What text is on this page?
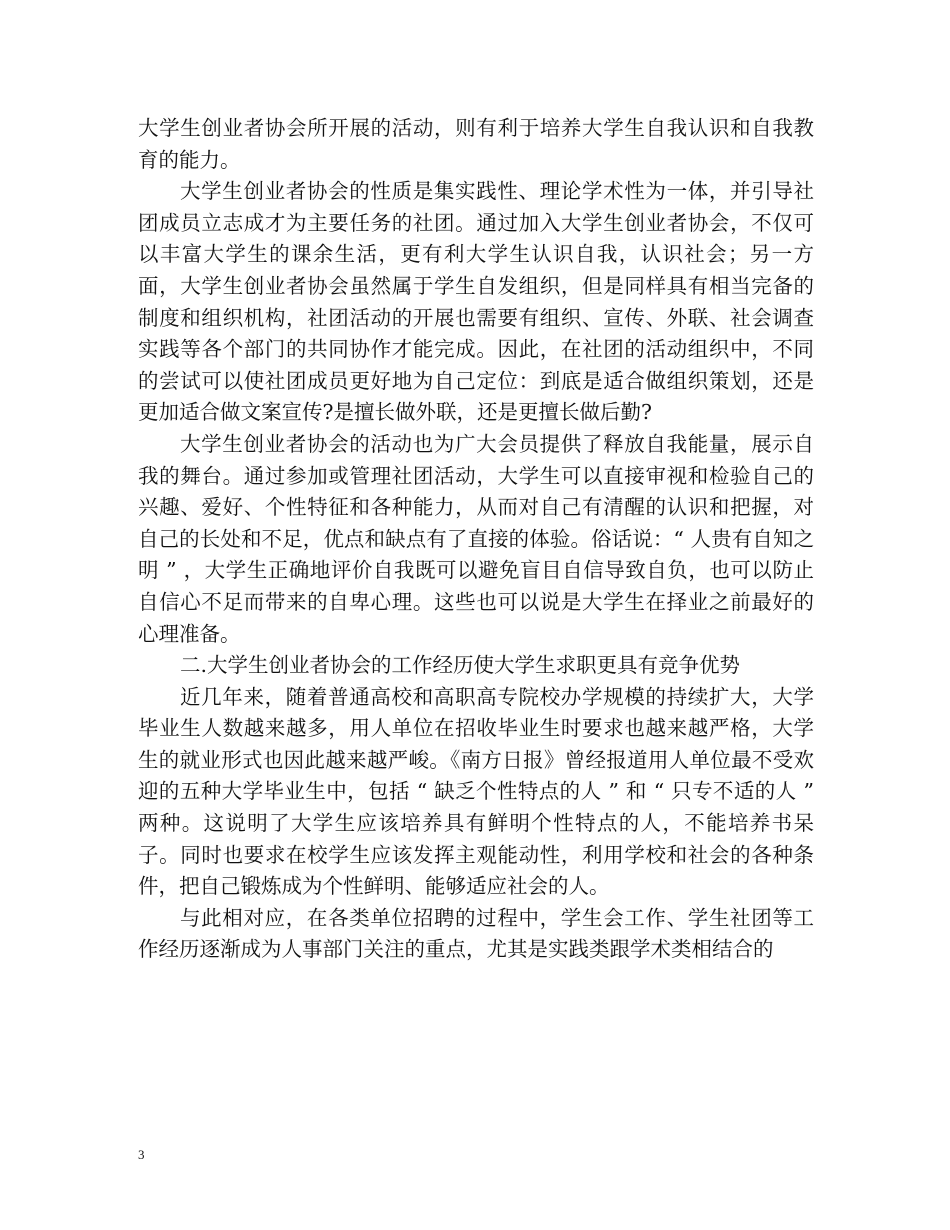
大学生创业者协会所开展的活动，则有利于培养大学生自我认识和自我教育的能力。

大学生创业者协会的性质是集实践性、理论学术性为一体，并引导社团成员立志成才为主要任务的社团。通过加入大学生创业者协会，不仅可以丰富大学生的课余生活，更有利大学生认识自我，认识社会；另一方面，大学生创业者协会虽然属于学生自发组织，但是同样具有相当完备的制度和组织机构，社团活动的开展也需要有组织、宣传、外联、社会调查实践等各个部门的共同协作才能完成。因此，在社团的活动组织中，不同的尝试可以使社团成员更好地为自己定位：到底是适合做组织策划，还是更加适合做文案宣传?是擅长做外联，还是更擅长做后勤?

大学生创业者协会的活动也为广大会员提供了释放自我能量，展示自我的舞台。通过参加或管理社团活动，大学生可以直接审视和检验自己的兴趣、爱好、个性特征和各种能力，从而对自己有清醒的认识和把握，对自己的长处和不足，优点和缺点有了直接的体验。俗话说：“ 人贵有自知之明 ” ，大学生正确地评价自我既可以避免盲目自信导致自负，也可以防止自信心不足而带来的自卑心理。这些也可以说是大学生在择业之前最好的心理准备。

二.大学生创业者协会的工作经历使大学生求职更具有竞争优势

近几年来，随着普通高校和高职高专院校办学规模的持续扩大，大学毕业生人数越来越多，用人单位在招收毕业生时要求也越来越严格，大学生的就业形式也因此越来越严峻。《南方日报》曾经报道用人单位最不受欢迎的五种大学毕业生中，包括 “ 缺乏个性特点的人 ” 和 “ 只专不适的人 ” 两种。这说明了大学生应该培养具有鲜明个性特点的人，不能培养书呆子。同时也要求在校学生应该发挥主观能动性，利用学校和社会的各种条件，把自己锻炼成为个性鲜明、能够适应社会的人。

与此相对应，在各类单位招聘的过程中，学生会工作、学生社团等工作经历逐渐成为人事部门关注的重点，尤其是实践类跟学术类相结合的

3
